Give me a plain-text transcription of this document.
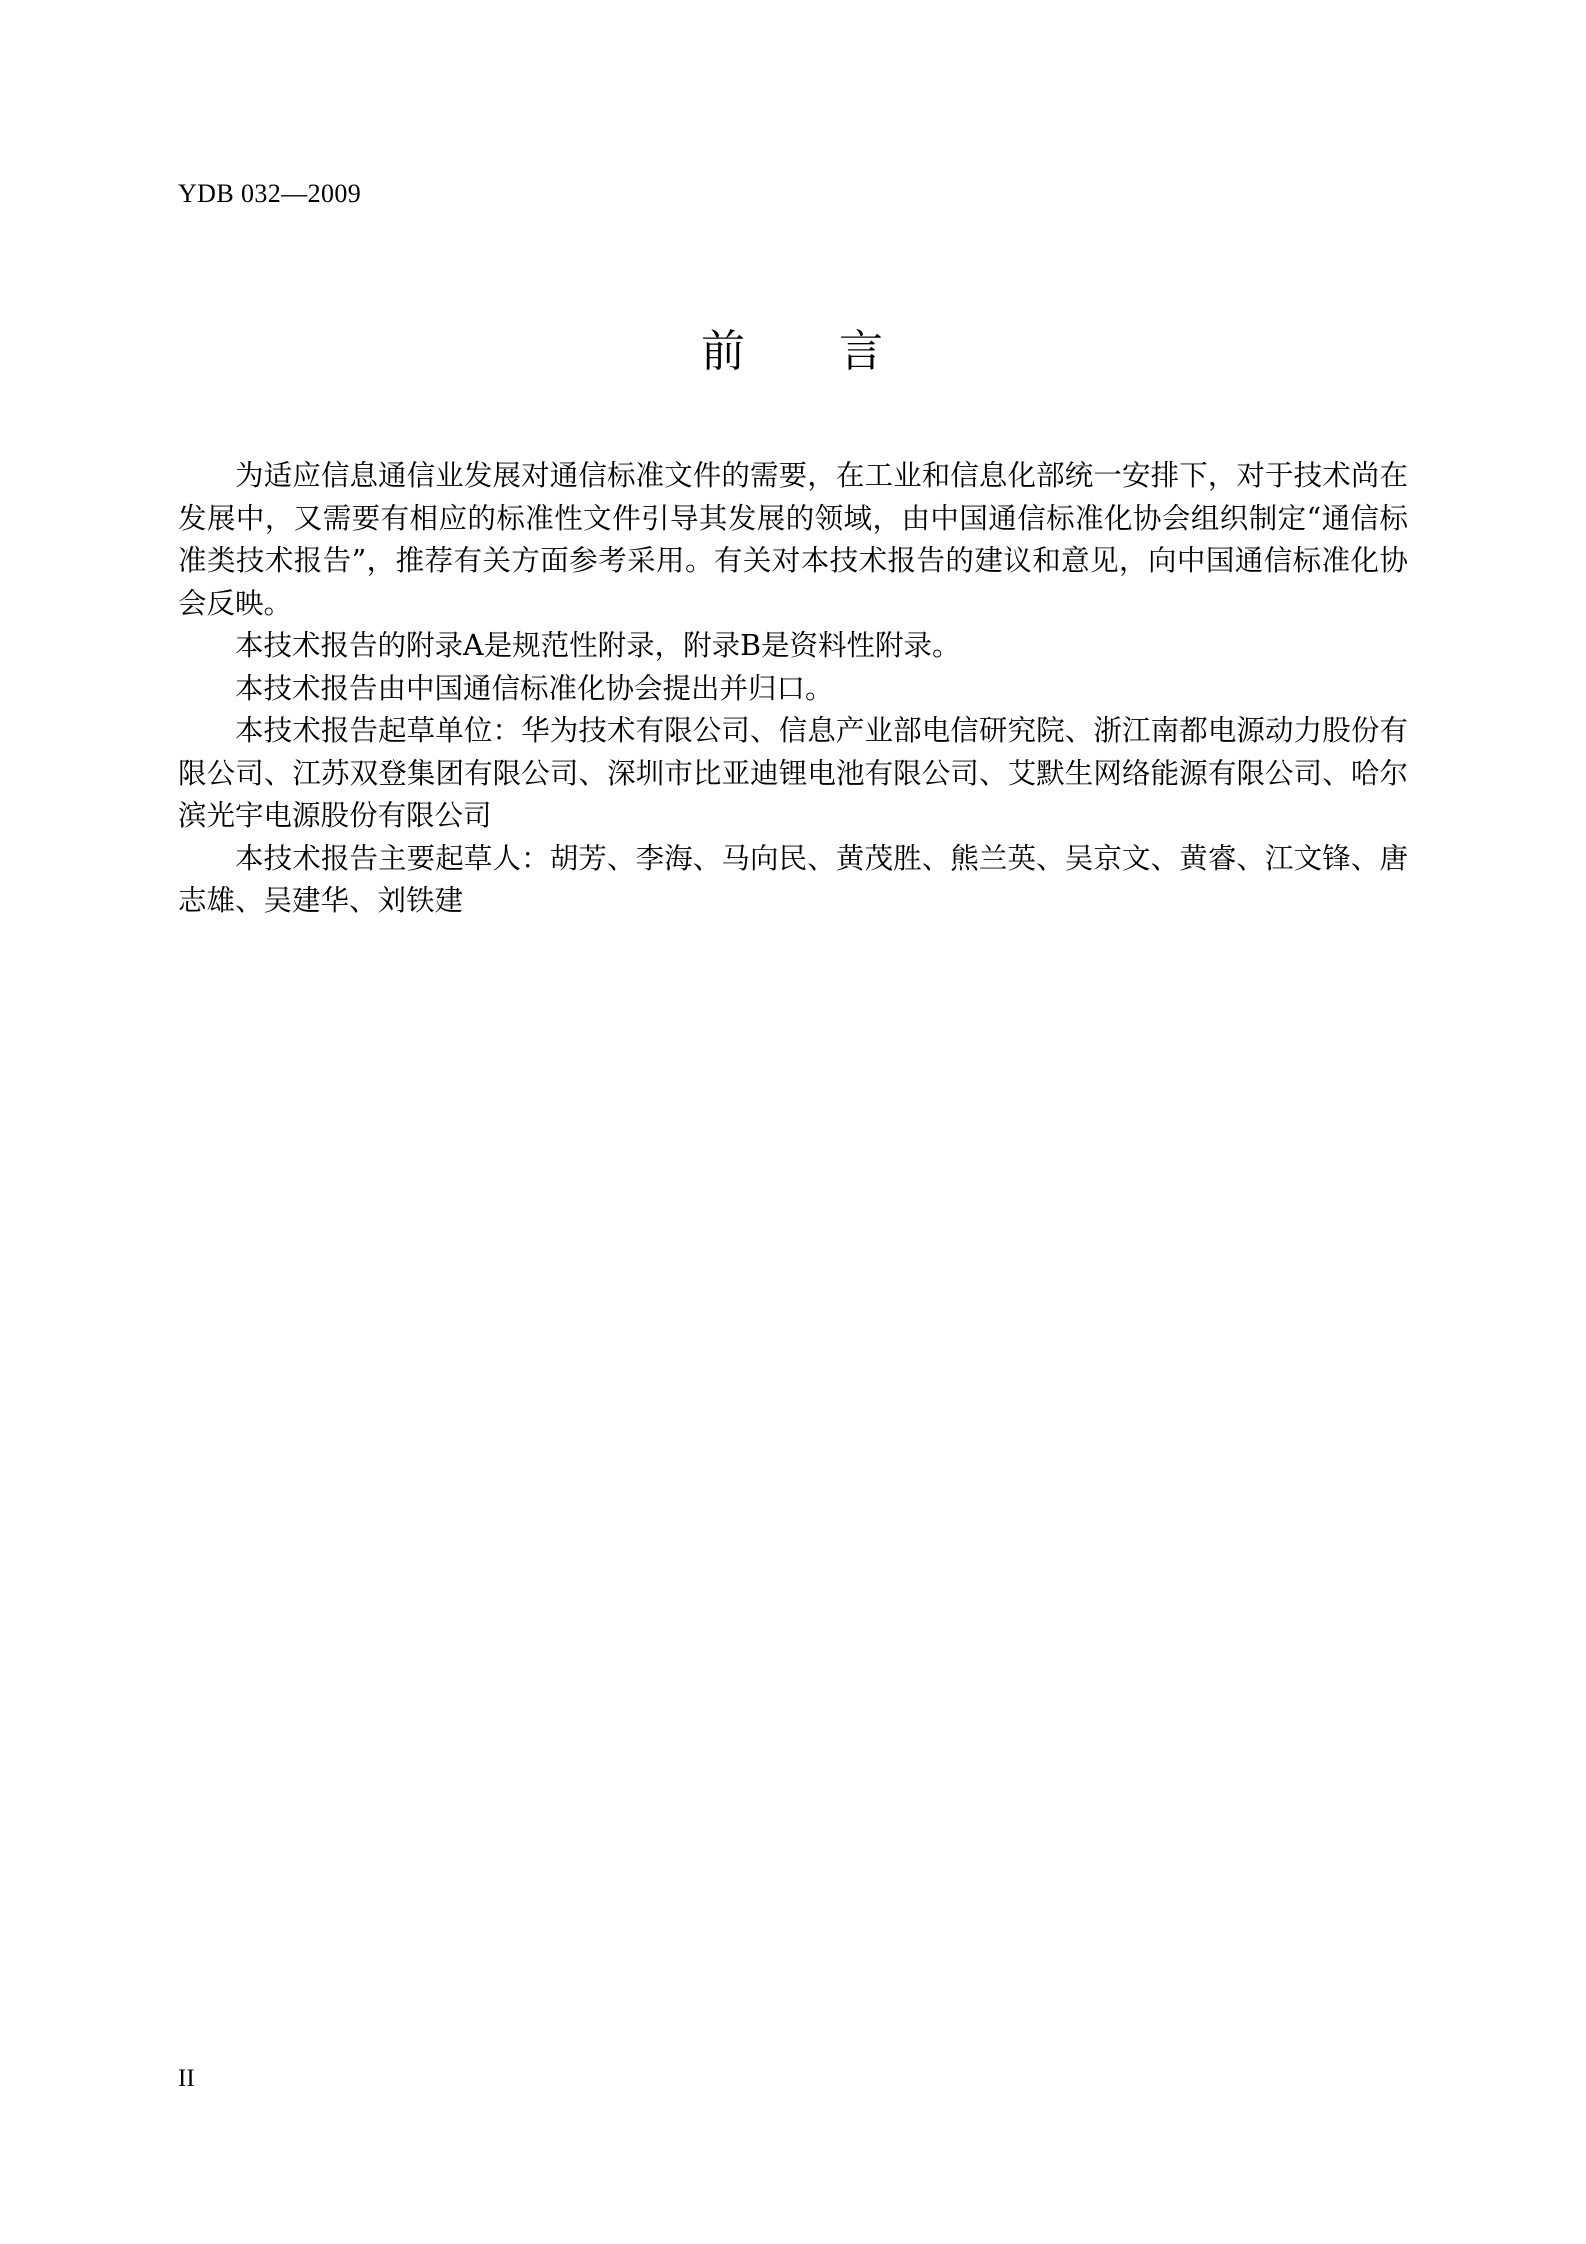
YDB 032—2009
前　　言

为适应信息通信业发展对通信标准文件的需要，在工业和信息化部统一安排下，对于技术尚在发展中，又需要有相应的标准性文件引导其发展的领域，由中国通信标准化协会组织制定“通信标准类技术报告”，推荐有关方面参考采用。有关对本技术报告的建议和意见，向中国通信标准化协会反映。

本技术报告的附录A是规范性附录，附录B是资料性附录。

本技术报告由中国通信标准化协会提出并归口。

本技术报告起草单位：华为技术有限公司、信息产业部电信研究院、浙江南都电源动力股份有限公司、江苏双登集团有限公司、深圳市比亚迪锂电池有限公司、艾默生网络能源有限公司、哈尔滨光宇电源股份有限公司

本技术报告主要起草人：胡芳、李海、马向民、黄茂胜、熊兰英、吴京文、黄睿、江文锋、唐志雄、吴建华、刘铁建

II
